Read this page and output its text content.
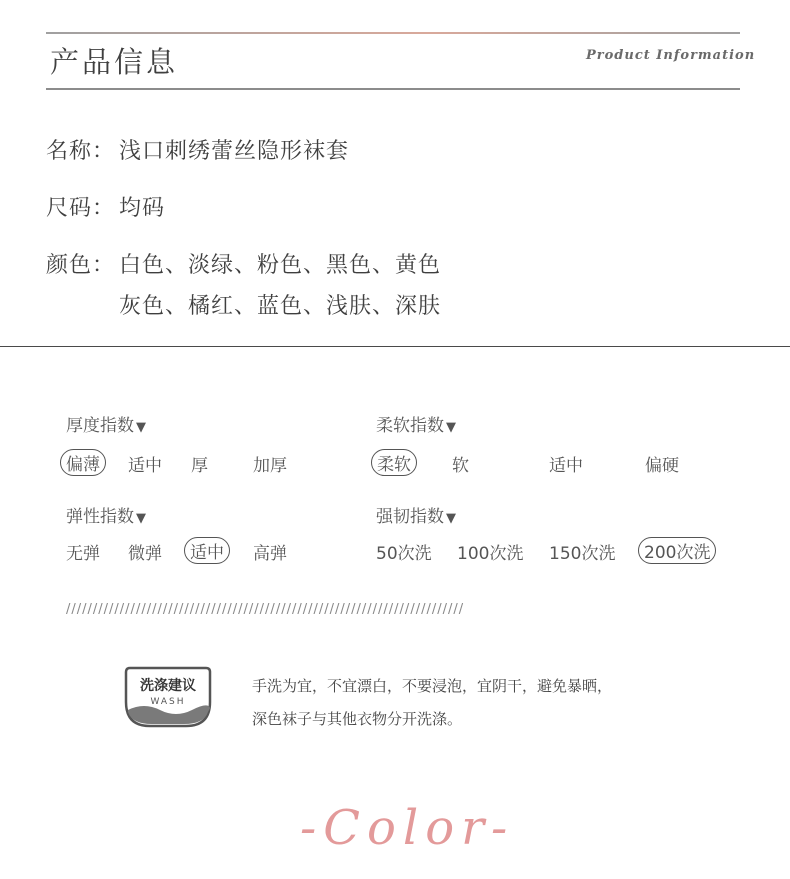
产品信息	Product Information
名称： 浅口刺绣蕾丝隐形袜套
尺码： 均码
颜色： 白色、淡绿、粉色、黑色、黄色
灰色、橘红、蓝色、浅肤、深肤
厚度指数 ▼
偏薄	适中 厚	加厚
柔软指数 ▼
柔软	软	适中	偏硬
弹性指数 ▼
无弹 微弹	适中	高弹
强韧指数 ▼
50次洗 100次洗 150次洗	200次洗
//////////////////////////////////////////////////////////////////////////
洗涤建议
WASH
手洗为宜，不宜漂白，不要浸泡，宜阴干，避免暴晒，
深色袜子与其他衣物分开洗涤。
-Color-
